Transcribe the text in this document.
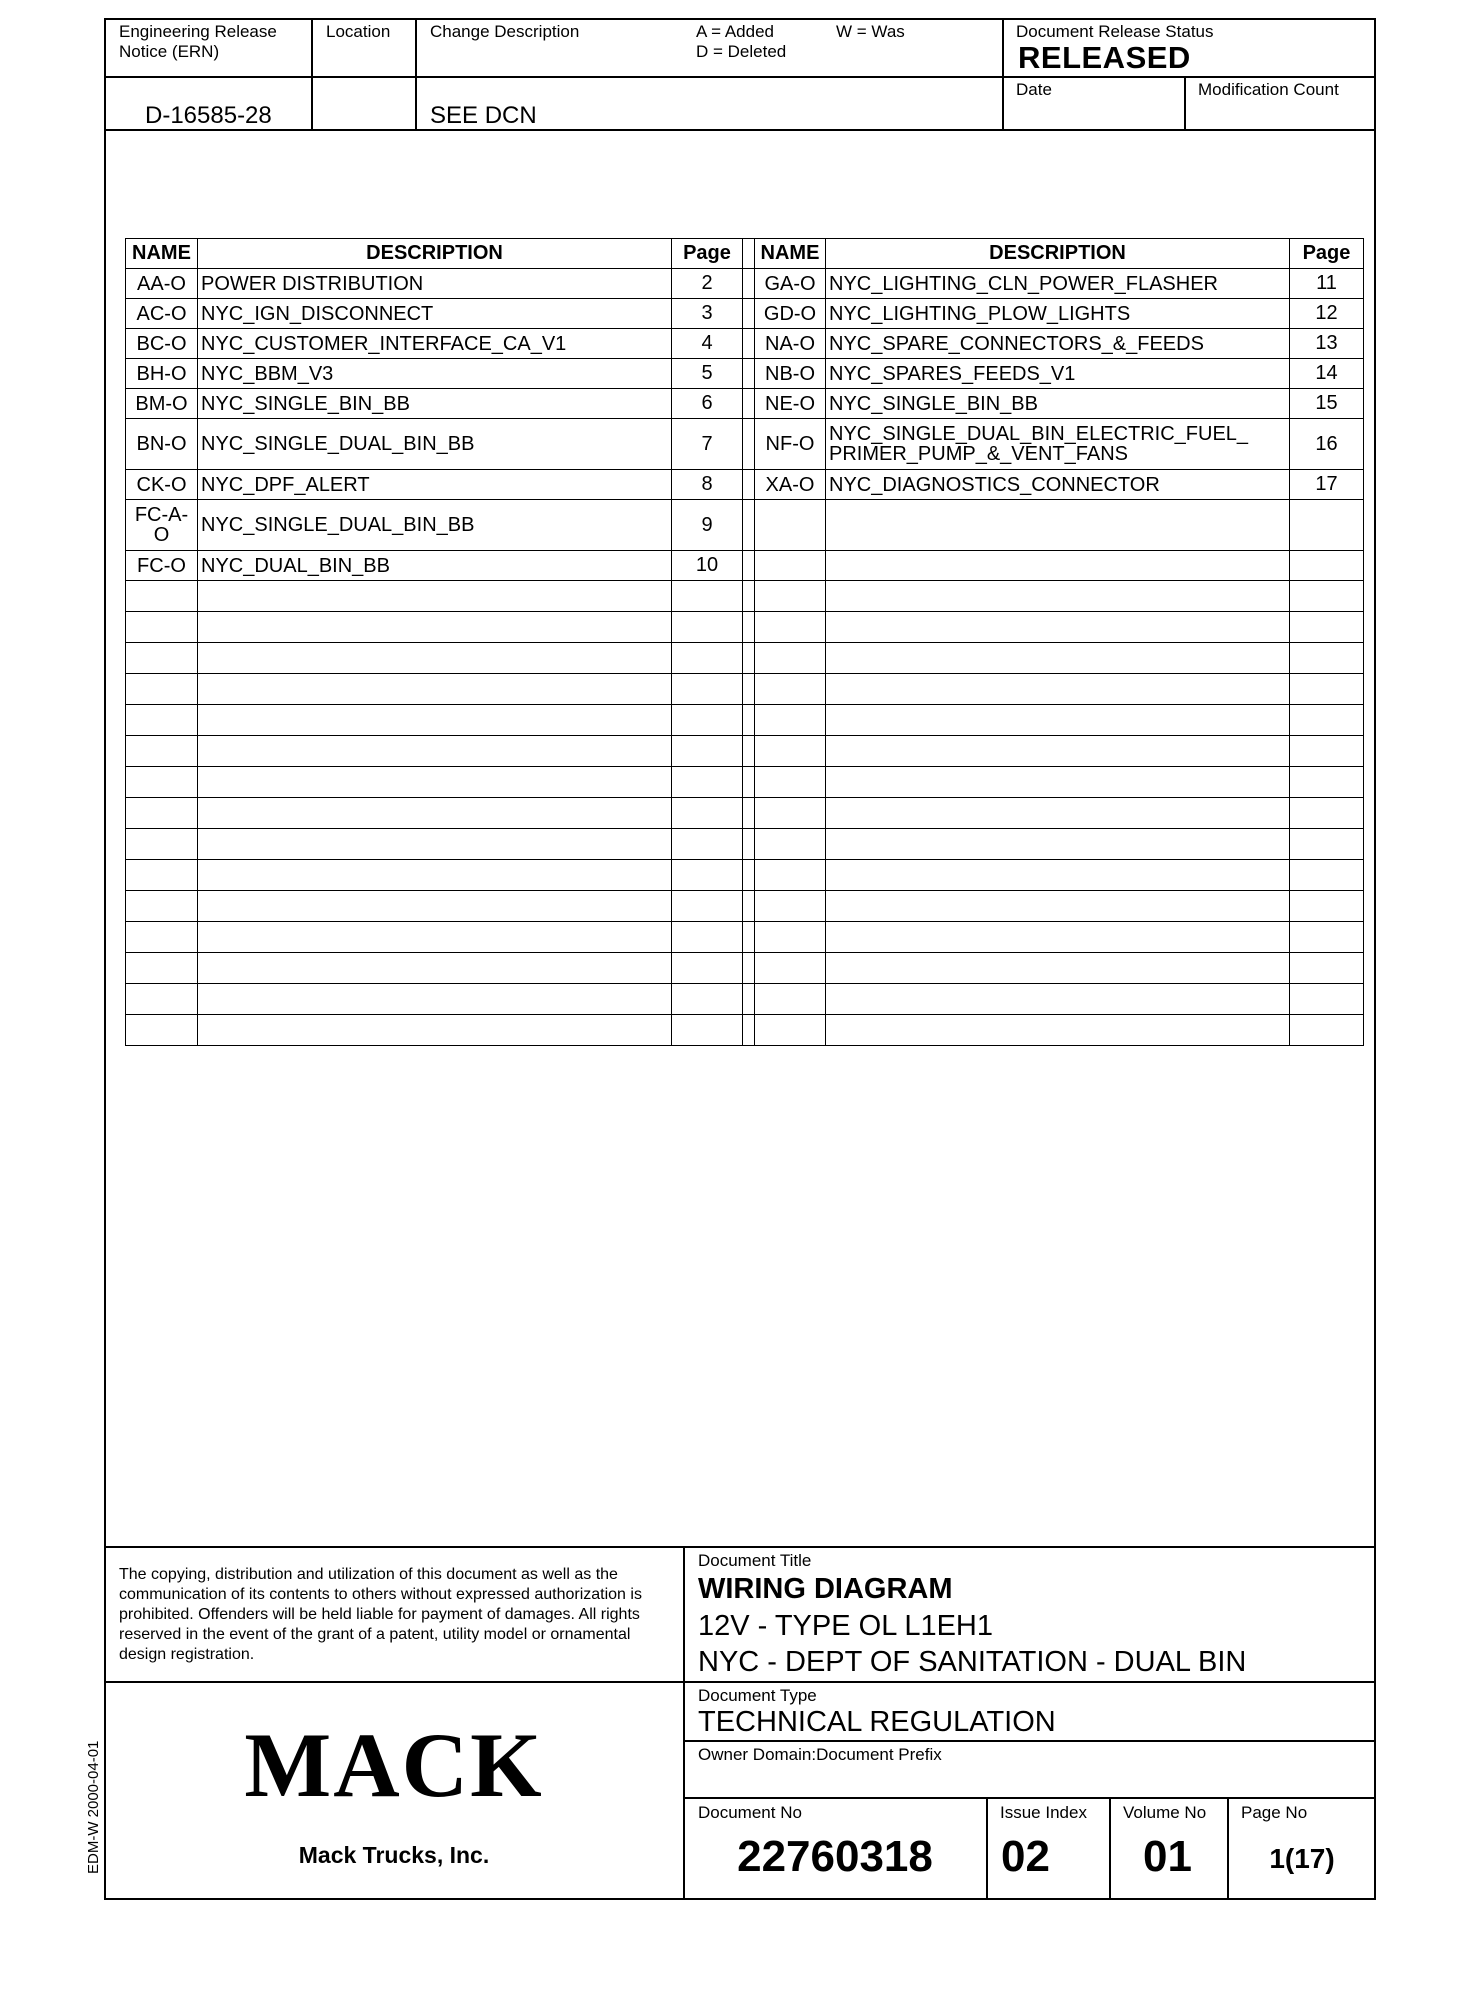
Engineering Release
Notice (ERN)
Location Change Description	A = Added
D = Deleted
W = Was	Document Release Status
RELEASED
D-16585-28	SEE DCN
Date	Modification Count
NAME	DESCRIPTION	Page		NAME	DESCRIPTION	Page
AA-O	POWER DISTRIBUTION	2		GA-O	NYC_LIGHTING_CLN_POWER_FLASHER	11
AC-O	NYC_IGN_DISCONNECT	3		GD-O	NYC_LIGHTING_PLOW_LIGHTS	12
BC-O	NYC_CUSTOMER_INTERFACE_CA_V1	4		NA-O	NYC_SPARE_CONNECTORS_&_FEEDS	13
BH-O	NYC_BBM_V3	5		NB-O	NYC_SPARES_FEEDS_V1	14
BM-O	NYC_SINGLE_BIN_BB	6		NE-O	NYC_SINGLE_BIN_BB	15
BN-O	NYC_SINGLE_DUAL_BIN_BB	7		NF-O	NYC_SINGLE_DUAL_BIN_ELECTRIC_FUEL_
PRIMER_PUMP_&_VENT_FANS	16
CK-O	NYC_DPF_ALERT	8		XA-O	NYC_DIAGNOSTICS_CONNECTOR	17
FC-A-
O	NYC_SINGLE_DUAL_BIN_BB	9				
FC-O	NYC_DUAL_BIN_BB	10				

The copying, distribution and utilization of this document as well as the communication of its contents to others without expressed authorization is prohibited. Offenders will be held liable for payment of damages. All rights reserved in the event of the grant of a patent, utility model or ornamental design registration.
Document Title
WIRING DIAGRAM
12V - TYPE OL L1EH1
NYC - DEPT OF SANITATION - DUAL BIN
MACK
Mack Trucks, Inc.
Document Type
TECHNICAL REGULATION
Owner Domain:Document Prefix
Document No
22760318
Issue Index
02
Volume No
01
Page No
1(17)
EDM-W 2000-04-01
